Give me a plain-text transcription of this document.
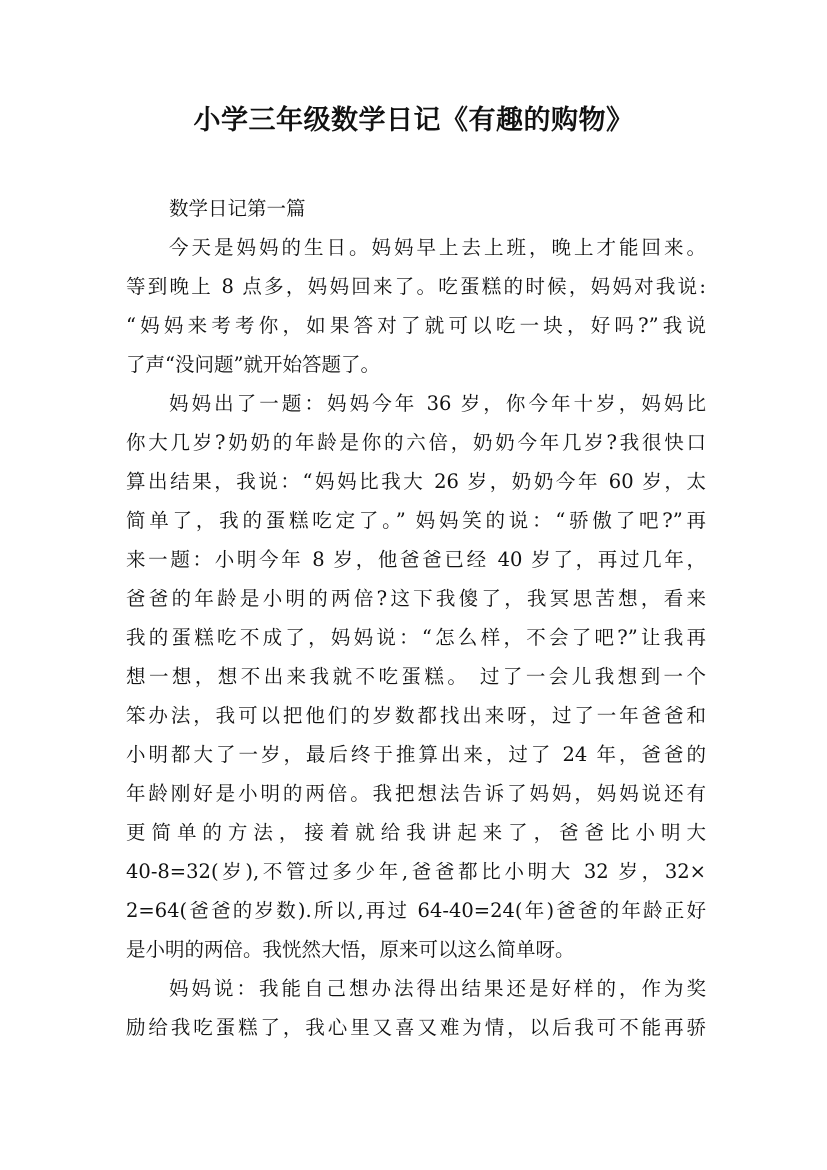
小学三年级数学日记《有趣的购物》
数学日记第一篇
今天是妈妈的生日。妈妈早上去上班，晚上才能回来。
等到晚上 8 点多，妈妈回来了。吃蛋糕的时候，妈妈对我说:
“妈妈来考考你，如果答对了就可以吃一块，好吗?”我说
了声“没问题”就开始答题了。
妈妈出了一题：妈妈今年 36 岁，你今年十岁，妈妈比
你大几岁?奶奶的年龄是你的六倍，奶奶今年几岁?我很快口
算出结果，我说：“妈妈比我大 26 岁，奶奶今年 60 岁，太
简单了，我的蛋糕吃定了。” 妈妈笑的说：“骄傲了吧?”再
来一题：小明今年 8 岁，他爸爸已经 40 岁了，再过几年，
爸爸的年龄是小明的两倍?这下我傻了，我冥思苦想，看来
我的蛋糕吃不成了，妈妈说：“怎么样，不会了吧?”让我再
想一想，想不出来我就不吃蛋糕。 过了一会儿我想到一个
笨办法，我可以把他们的岁数都找出来呀，过了一年爸爸和
小明都大了一岁，最后终于推算出来，过了 24 年，爸爸的
年龄刚好是小明的两倍。我把想法告诉了妈妈，妈妈说还有
更简单的方法，接着就给我讲起来了，爸爸比小明大
40-8=32(岁),不管过多少年,爸爸都比小明大 32 岁，32×
2=64(爸爸的岁数).所以,再过 64-40=24(年)爸爸的年龄正好
是小明的两倍。我恍然大悟，原来可以这么简单呀。
妈妈说：我能自己想办法得出结果还是好样的，作为奖
励给我吃蛋糕了，我心里又喜又难为情，以后我可不能再骄
